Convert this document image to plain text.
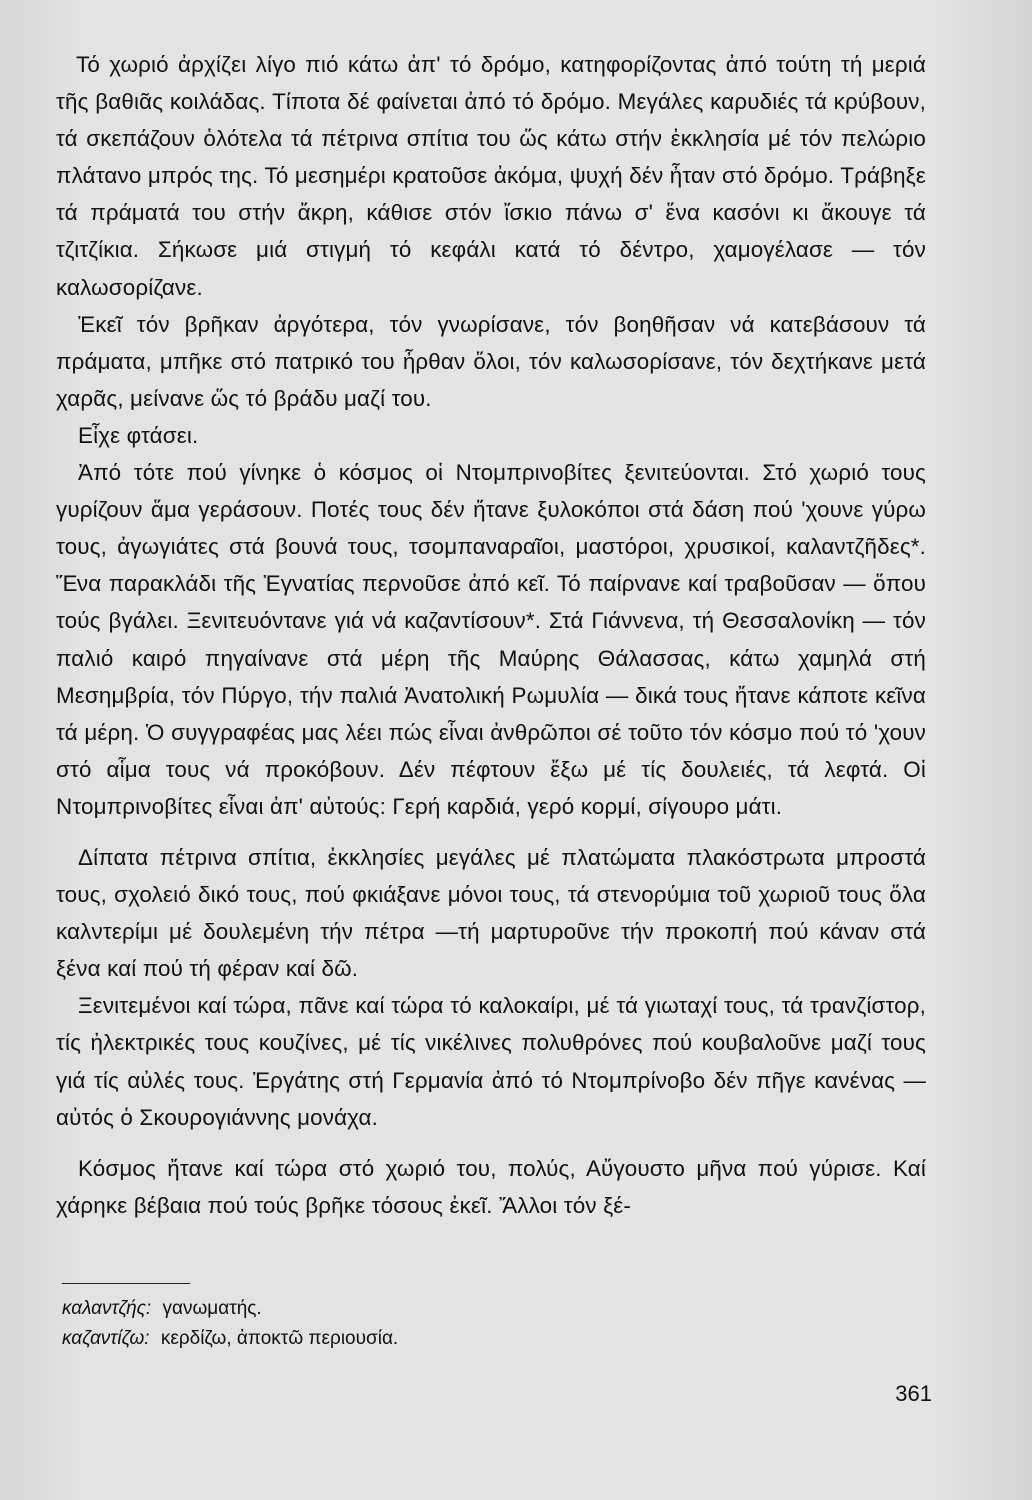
Τό χωριό ἀρχίζει λίγο πιό κάτω ἀπ' τό δρόμο, κατηφορίζοντας ἀπό τούτη τή μεριά τῆς βαθιᾶς κοιλάδας. Τίποτα δέ φαίνεται ἀπό τό δρόμο. Μεγάλες καρυδιές τά κρύβουν, τά σκεπάζουν ὁλότελα τά πέτρινα σπίτια του ὥς κάτω στήν ἐκκλησία μέ τόν πελώριο πλάτανο μπρός της. Τό μεσημέρι κρατοῦσε ἀκόμα, ψυχή δέν ἦταν στό δρόμο. Τράβηξε τά πράματά του στήν ἄκρη, κάθισε στόν ἴσκιο πάνω σ' ἕνα κασόνι κι ἄκουγε τά τζιτζίκια. Σήκωσε μιά στιγμή τό κεφάλι κατά τό δέντρο, χαμογέλασε — τόν καλωσορίζανε.

Ἐκεῖ τόν βρῆκαν ἀργότερα, τόν γνωρίσανε, τόν βοηθῆσαν νά κατεβάσουν τά πράματα, μπῆκε στό πατρικό του ἦρθαν ὅλοι, τόν καλωσορίσανε, τόν δεχτήκανε μετά χαρᾶς, μείνανε ὥς τό βράδυ μαζί του.

Εἶχε φτάσει.

Ἀπό τότε πού γίνηκε ὁ κόσμος οἱ Ντομπρινοβίτες ξενιτεύονται. Στό χωριό τους γυρίζουν ἅμα γεράσουν. Ποτές τους δέν ἤτανε ξυλοκόποι στά δάση πού 'χουνε γύρω τους, ἀγωγιάτες στά βουνά τους, τσομπαναραῖοι, μαστόροι, χρυσικοί, καλαντζῆδες*. Ἕνα παρακλάδι τῆς Ἐγνατίας περνοῦσε ἀπό κεῖ. Τό παίρνανε καί τραβοῦσαν — ὅπου τούς βγάλει. Ξενιτευόντανε γιά νά καζαντίσουν*. Στά Γιάννενα, τή Θεσσαλονίκη — τόν παλιό καιρό πηγαίνανε στά μέρη τῆς Μαύρης Θάλασσας, κάτω χαμηλά στή Μεσημβρία, τόν Πύργο, τήν παλιά Ἀνατολική Ρωμυλία — δικά τους ἤτανε κάποτε κεῖνα τά μέρη. Ὁ συγγραφέας μας λέει πώς εἶναι ἀνθρῶποι σέ τοῦτο τόν κόσμο πού τό 'χουν στό αἷμα τους νά προκόβουν. Δέν πέφτουν ἔξω μέ τίς δουλειές, τά λεφτά. Οἱ Ντομπρινοβίτες εἶναι ἀπ' αὐτούς: Γερή καρδιά, γερό κορμί, σίγουρο μάτι.

Δίπατα πέτρινα σπίτια, ἐκκλησίες μεγάλες μέ πλατώματα πλακόστρωτα μπροστά τους, σχολειό δικό τους, πού φκιάξανε μόνοι τους, τά στενορύμια τοῦ χωριοῦ τους ὅλα καλντερίμι μέ δουλεμένη τήν πέτρα —τή μαρτυροῦνε τήν προκοπή πού κάναν στά ξένα καί πού τή φέραν καί δῶ.

Ξενιτεμένοι καί τώρα, πᾶνε καί τώρα τό καλοκαίρι, μέ τά γιωταχί τους, τά τρανζίστορ, τίς ἠλεκτρικές τους κουζίνες, μέ τίς νικέλινες πολυθρόνες πού κουβαλοῦνε μαζί τους γιά τίς αὐλές τους. Ἐργάτης στή Γερμανία ἀπό τό Ντομπρίνοβο δέν πῆγε κανένας — αὐτός ὁ Σκουρογιάννης μονάχα.

Κόσμος ἤτανε καί τώρα στό χωριό του, πολύς, Αὔγουστο μῆνα πού γύρισε. Καί χάρηκε βέβαια πού τούς βρῆκε τόσους ἐκεῖ. Ἄλλοι τόν ξέ-

καλαντζής: γανωματής.

καζαντίζω: κερδίζω, ἀποκτῶ περιουσία.

361
